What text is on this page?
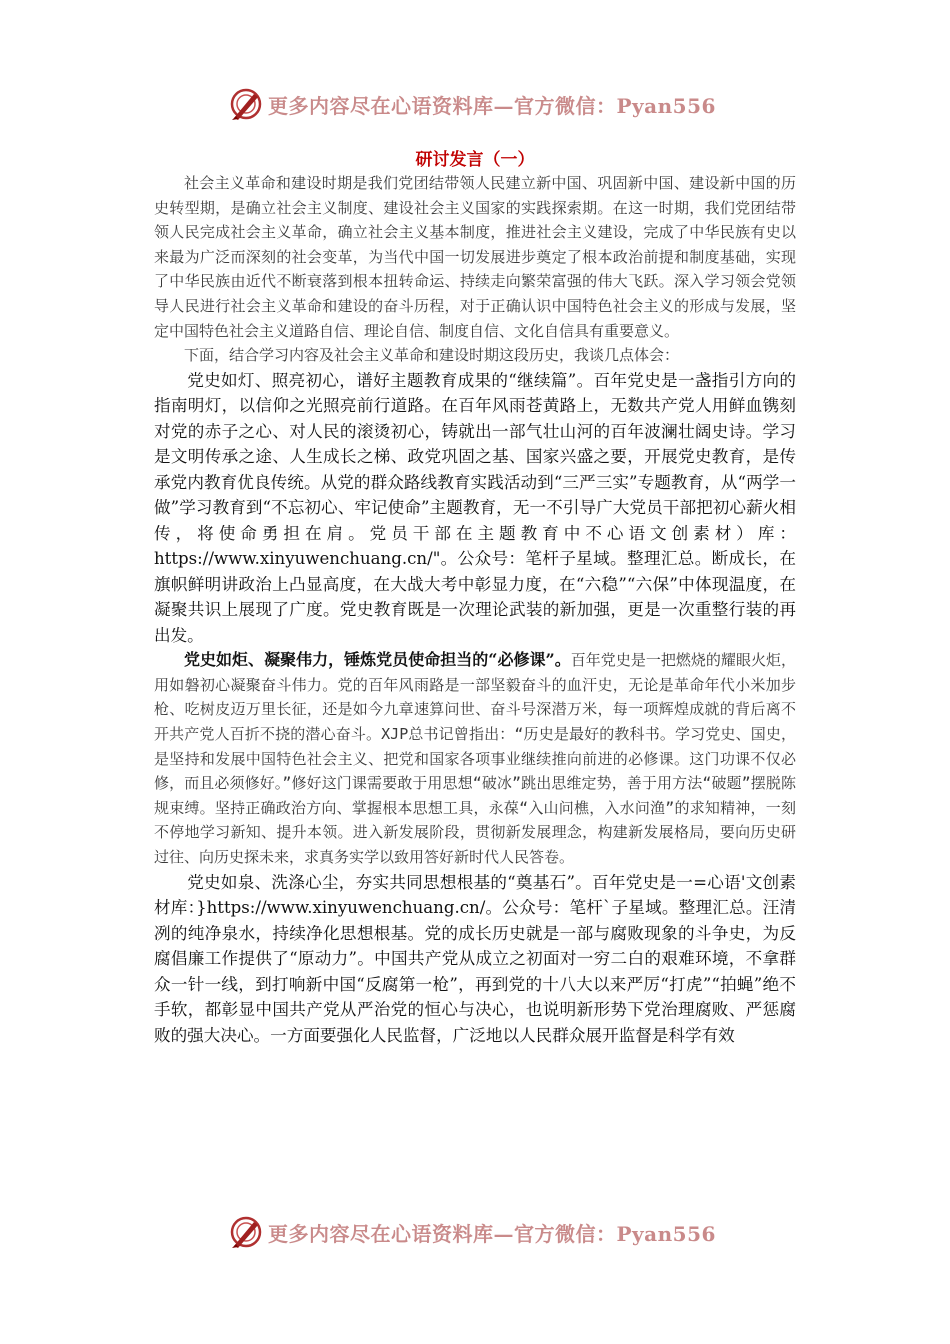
更多内容尽在心语资料库—官方微信：Pyan556
研讨发言（一）

社会主义革命和建设时期是我们党团结带领人民建立新中国、巩固新中国、建设新中国的历史转型期，是确立社会主义制度、建设社会主义国家的实践探索期。在这一时期，我们党团结带领人民完成社会主义革命，确立社会主义基本制度，推进社会主义建设，完成了中华民族有史以来最为广泛而深刻的社会变革，为当代中国一切发展进步奠定了根本政治前提和制度基础，实现了中华民族由近代不断衰落到根本扭转命运、持续走向繁荣富强的伟大飞跃。深入学习领会党领导人民进行社会主义革命和建设的奋斗历程，对于正确认识中国特色社会主义的形成与发展，坚定中国特色社会主义道路自信、理论自信、制度自信、文化自信具有重要意义。

下面，结合学习内容及社会主义革命和建设时期这段历史，我谈几点体会：

党史如灯、照亮初心，谱好主题教育成果的“继续篇”。百年党史是一盏指引方向的指南明灯，以信仰之光照亮前行道路。在百年风雨苍黄路上，无数共产党人用鲜血镌刻对党的赤子之心、对人民的滚烫初心，铸就出一部气壮山河的百年波澜壮阔史诗。学习是文明传承之途、人生成长之梯、政党巩固之基、国家兴盛之要，开展党史教育，是传承党内教育优良传统。从党的群众路线教育实践活动到“三严三实”专题教育，从“两学一做”学习教育到“不忘初心、牢记使命”主题教育，无一不引导广大党员干部把初心薪火相传，将使命勇担在肩。党员干部在主题教育中不心语文创素材）库：https://www.xinyuwenchuang.cn/"。公众号：笔杆子星域。整理汇总。断成长，在旗帜鲜明讲政治上凸显高度，在大战大考中彰显力度，在“六稳”“六保”中体现温度，在凝聚共识上展现了广度。党史教育既是一次理论武装的新加强，更是一次重整行装的再出发。

党史如炬、凝聚伟力，锤炼党员使命担当的“必修课”。百年党史是一把燃烧的耀眼火炬，用如磐初心凝聚奋斗伟力。党的百年风雨路是一部坚毅奋斗的血汗史，无论是革命年代小米加步枪、吃树皮迈万里长征，还是如今九章速算问世、奋斗号深潜万米，每一项辉煌成就的背后离不开共产党人百折不挠的潜心奋斗。XJP总书记曾指出：“历史是最好的教科书。学习党史、国史，是坚持和发展中国特色社会主义、把党和国家各项事业继续推向前进的必修课。这门功课不仅必修，而且必须修好。”修好这门课需要敢于用思想“破冰”跳出思维定势，善于用方法“破题”摆脱陈规束缚。坚持正确政治方向、掌握根本思想工具，永葆“入山问樵，入水问渔”的求知精神，一刻不停地学习新知、提升本领。进入新发展阶段，贯彻新发展理念，构建新发展格局，要向历史研过往、向历史探未来，求真务实学以致用答好新时代人民答卷。

党史如泉、洗涤心尘，夯实共同思想根基的“奠基石”。百年党史是一=心语'文创素材库：}https://www.xinyuwenchuang.cn/。公众号：笔杆`子星域。整理汇总。汪清冽的纯净泉水，持续净化思想根基。党的成长历史就是一部与腐败现象的斗争史，为反腐倡廉工作提供了“原动力”。中国共产党从成立之初面对一穷二白的艰难环境，不拿群众一针一线，到打响新中国“反腐第一枪”，再到党的十八大以来严厉“打虎”“拍蝇”绝不手软，都彰显中国共产党从严治党的恒心与决心，也说明新形势下党治理腐败、严惩腐败的强大决心。一方面要强化人民监督，广泛地以人民群众展开监督是科学有效

更多内容尽在心语资料库—官方微信：Pyan556
